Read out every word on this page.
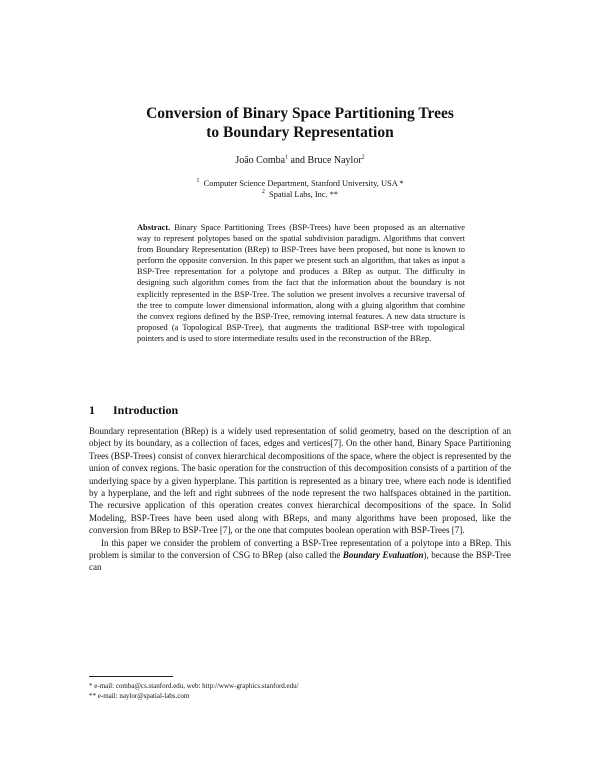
Conversion of Binary Space Partitioning Trees
to Boundary Representation
João Comba$^1$ and Bruce Naylor$^2$
$^1$ Computer Science Department, Stanford University, USA *
$^2$ Spatial Labs, Inc. **
Abstract. Binary Space Partitioning Trees (BSP-Trees) have been proposed as an alternative way to represent polytopes based on the spatial subdivision paradigm. Algorithms that convert from Boundary Representation (BRep) to BSP-Trees have been proposed, but none is known to perform the opposite conversion. In this paper we present such an algorithm, that takes as input a BSP-Tree representation for a polytope and produces a BRep as output. The difficulty in designing such algorithm comes from the fact that the information about the boundary is not explicitly represented in the BSP-Tree. The solution we present involves a recursive traversal of the tree to compute lower dimensional information, along with a gluing algorithm that combine the convex regions defined by the BSP-Tree, removing internal features. A new data structure is proposed (a Topological BSP-Tree), that augments the traditional BSP-tree with topological pointers and is used to store intermediate results used in the reconstruction of the BRep.
1 Introduction

Boundary representation (BRep) is a widely used representation of solid geometry, based on the description of an object by its boundary, as a collection of faces, edges and vertices[7]. On the other hand, Binary Space Partitioning Trees (BSP-Trees) consist of convex hierarchical decompositions of the space, where the object is represented by the union of convex regions. The basic operation for the construction of this decomposition consists of a partition of the underlying space by a given hyperplane. This partition is represented as a binary tree, where each node is identified by a hyperplane, and the left and right subtrees of the node represent the two halfspaces obtained in the partition. The recursive application of this operation creates convex hierarchical decompositions of the space. In Solid Modeling, BSP-Trees have been used along with BReps, and many algorithms have been proposed, like the conversion from BRep to BSP-Tree [7], or the one that computes boolean operation with BSP-Trees [7].

In this paper we consider the problem of converting a BSP-Tree representation of a polytope into a BRep. This problem is similar to the conversion of CSG to BRep (also called the Boundary Evaluation), because the BSP-Tree can

* e-mail: comba@cs.stanford.edu, web: http://www-graphics.stanford.edu/
** e-mail: naylor@spatial-labs.com
